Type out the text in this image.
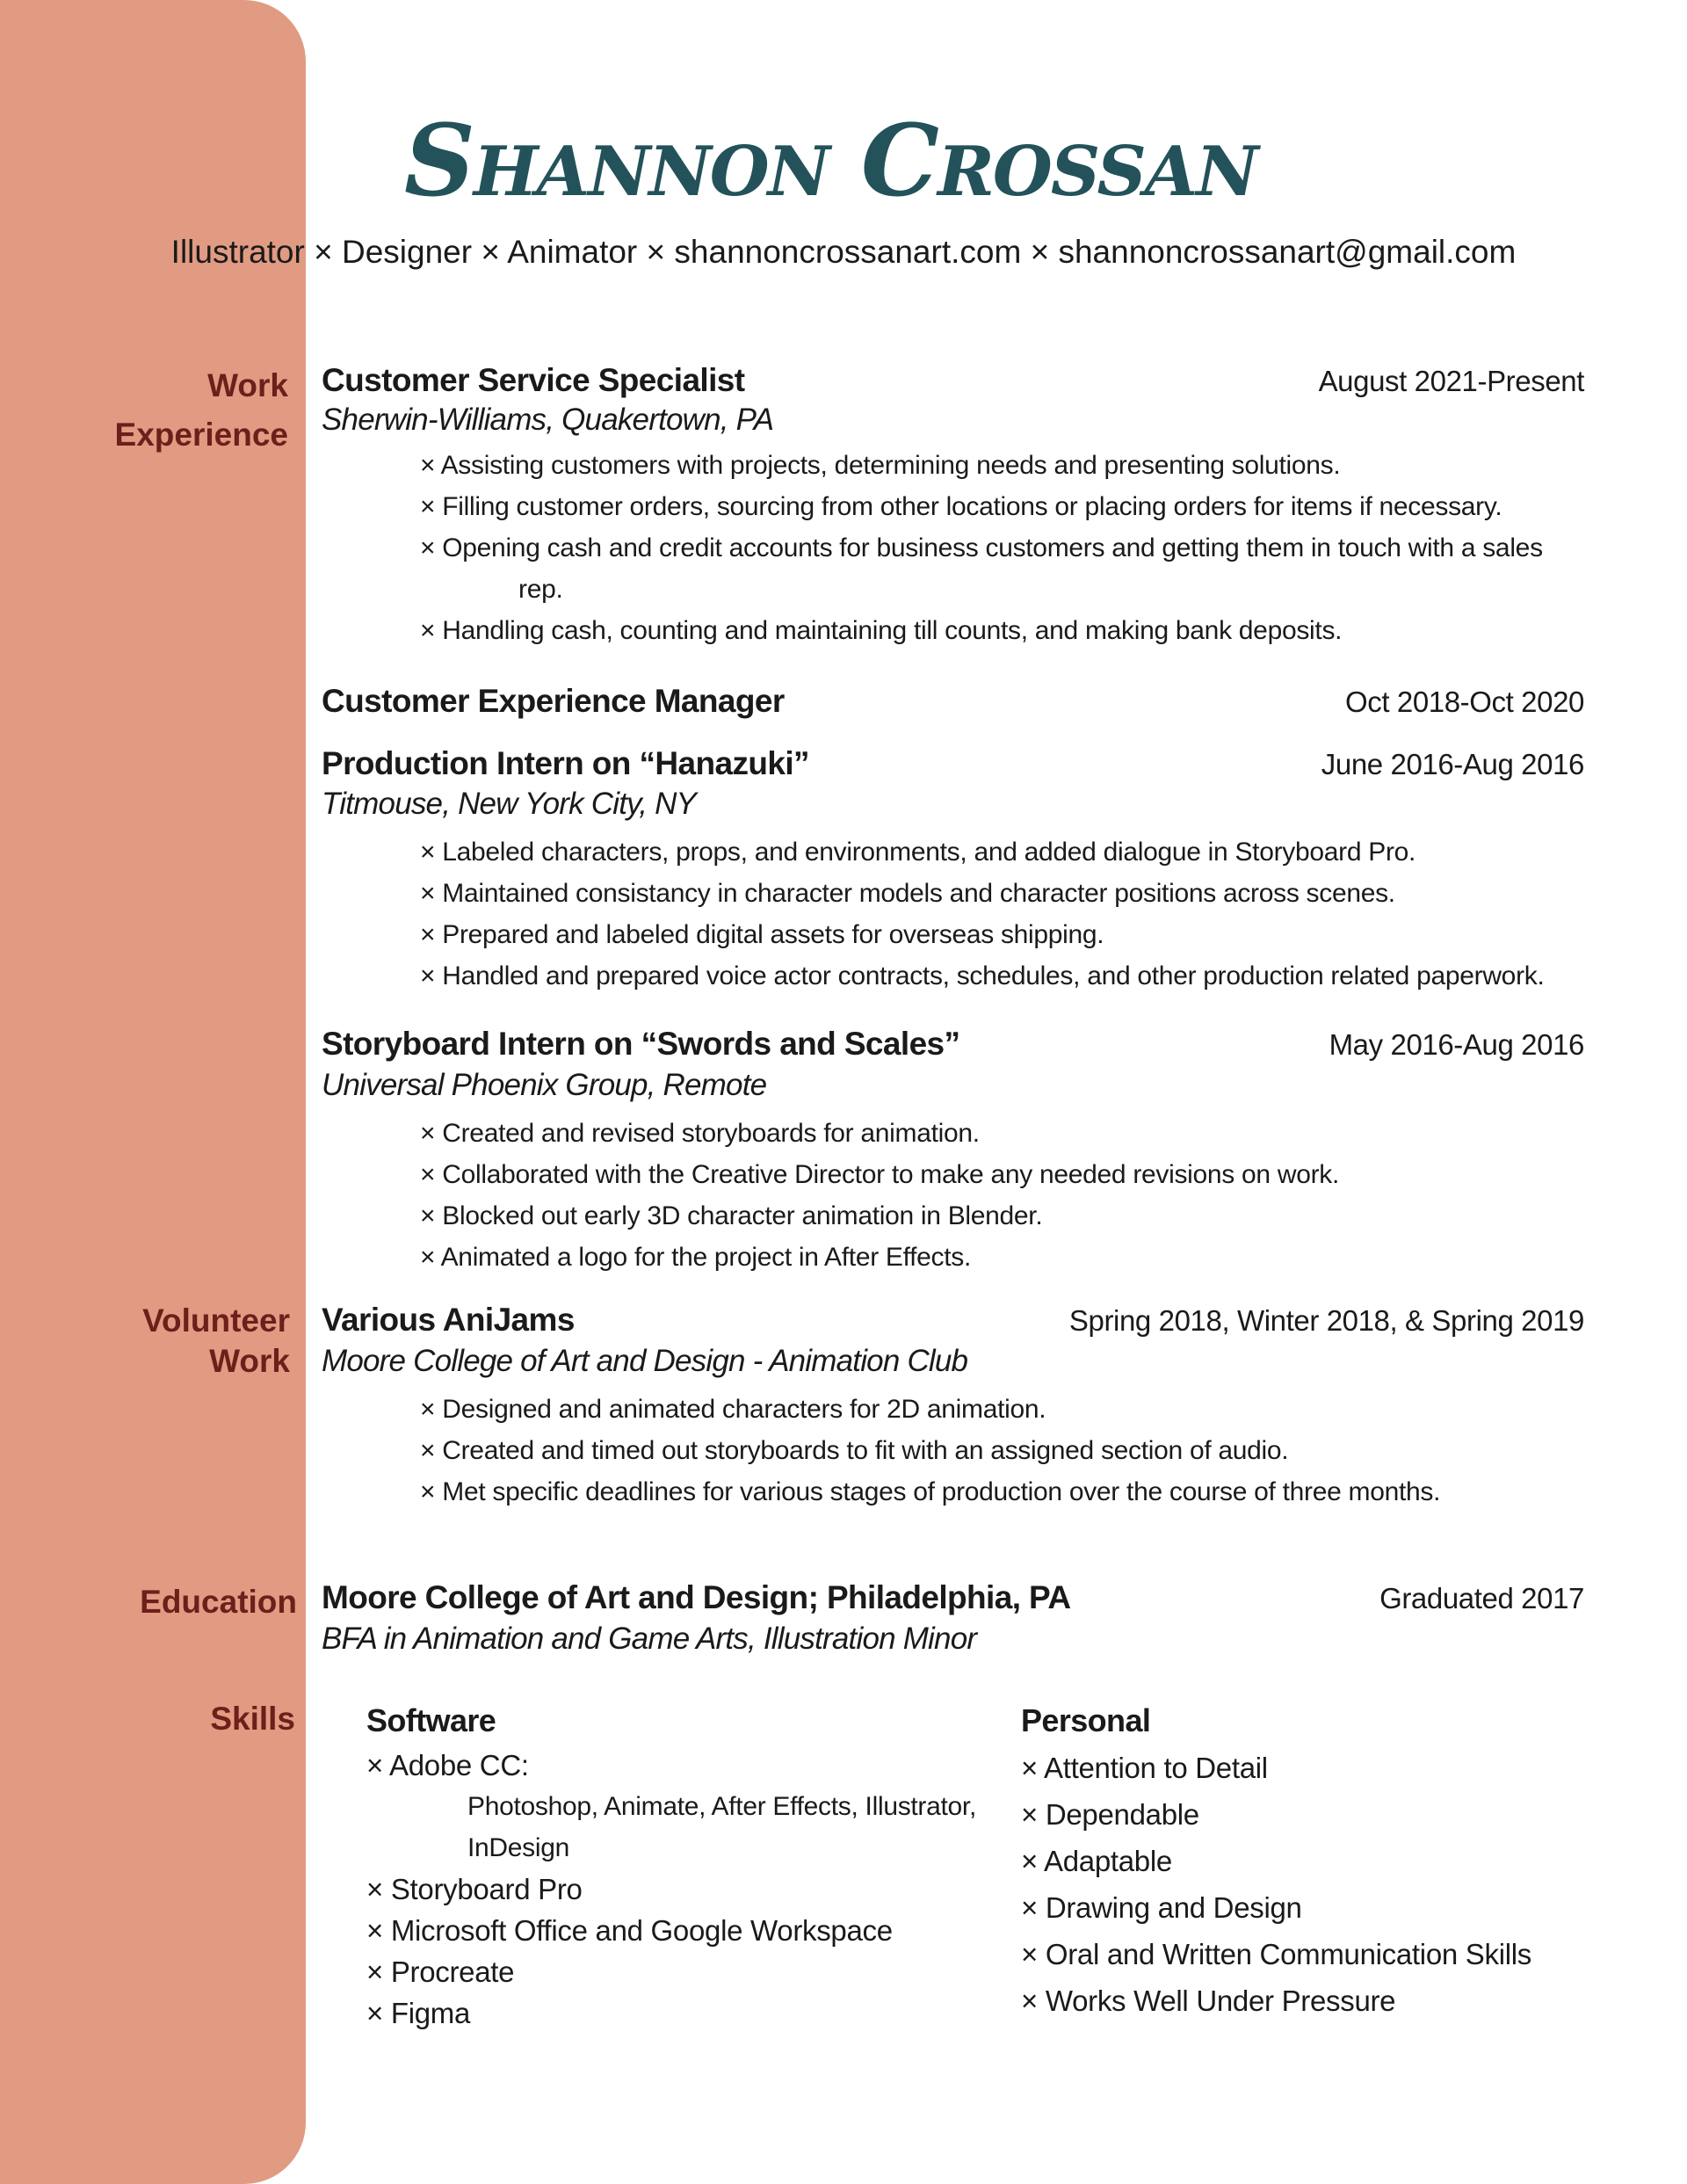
Shannon Crossan
Illustrator × Designer × Animator × shannoncrossanart.com × shannoncrossanart@gmail.com
Work
Experience
Volunteer
Work
Education
Skills
Customer Service Specialist	August 2021-Present
Sherwin-Williams, Quakertown, PA
× Assisting customers with projects, determining needs and presenting solutions.
× Filling customer orders, sourcing from other locations or placing orders for items if necessary.
× Opening cash and credit accounts for business customers and getting them in touch with a sales
rep.
× Handling cash, counting and maintaining till counts, and making bank deposits.
Customer Experience Manager	Oct 2018-Oct 2020
Production Intern on “Hanazuki”	June 2016-Aug 2016
Titmouse, New York City, NY
× Labeled characters, props, and environments, and added dialogue in Storyboard Pro.
× Maintained consistancy in character models and character positions across scenes.
× Prepared and labeled digital assets for overseas shipping.
× Handled and prepared voice actor contracts, schedules, and other production related paperwork.
Storyboard Intern on “Swords and Scales”	May 2016-Aug 2016
Universal Phoenix Group, Remote
× Created and revised storyboards for animation.
× Collaborated with the Creative Director to make any needed revisions on work.
× Blocked out early 3D character animation in Blender.
× Animated a logo for the project in After Effects.
Various AniJams	Spring 2018, Winter 2018, & Spring 2019
Moore College of Art and Design - Animation Club
× Designed and animated characters for 2D animation.
× Created and timed out storyboards to fit with an assigned section of audio.
× Met specific deadlines for various stages of production over the course of three months.
Moore College of Art and Design; Philadelphia, PA	Graduated 2017
BFA in Animation and Game Arts, Illustration Minor
Software
× Adobe CC:
Photoshop, Animate, After Effects, Illustrator,
InDesign
× Storyboard Pro
× Microsoft Office and Google Workspace
× Procreate
× Figma
Personal
× Attention to Detail
× Dependable
× Adaptable
× Drawing and Design
× Oral and Written Communication Skills
× Works Well Under Pressure
